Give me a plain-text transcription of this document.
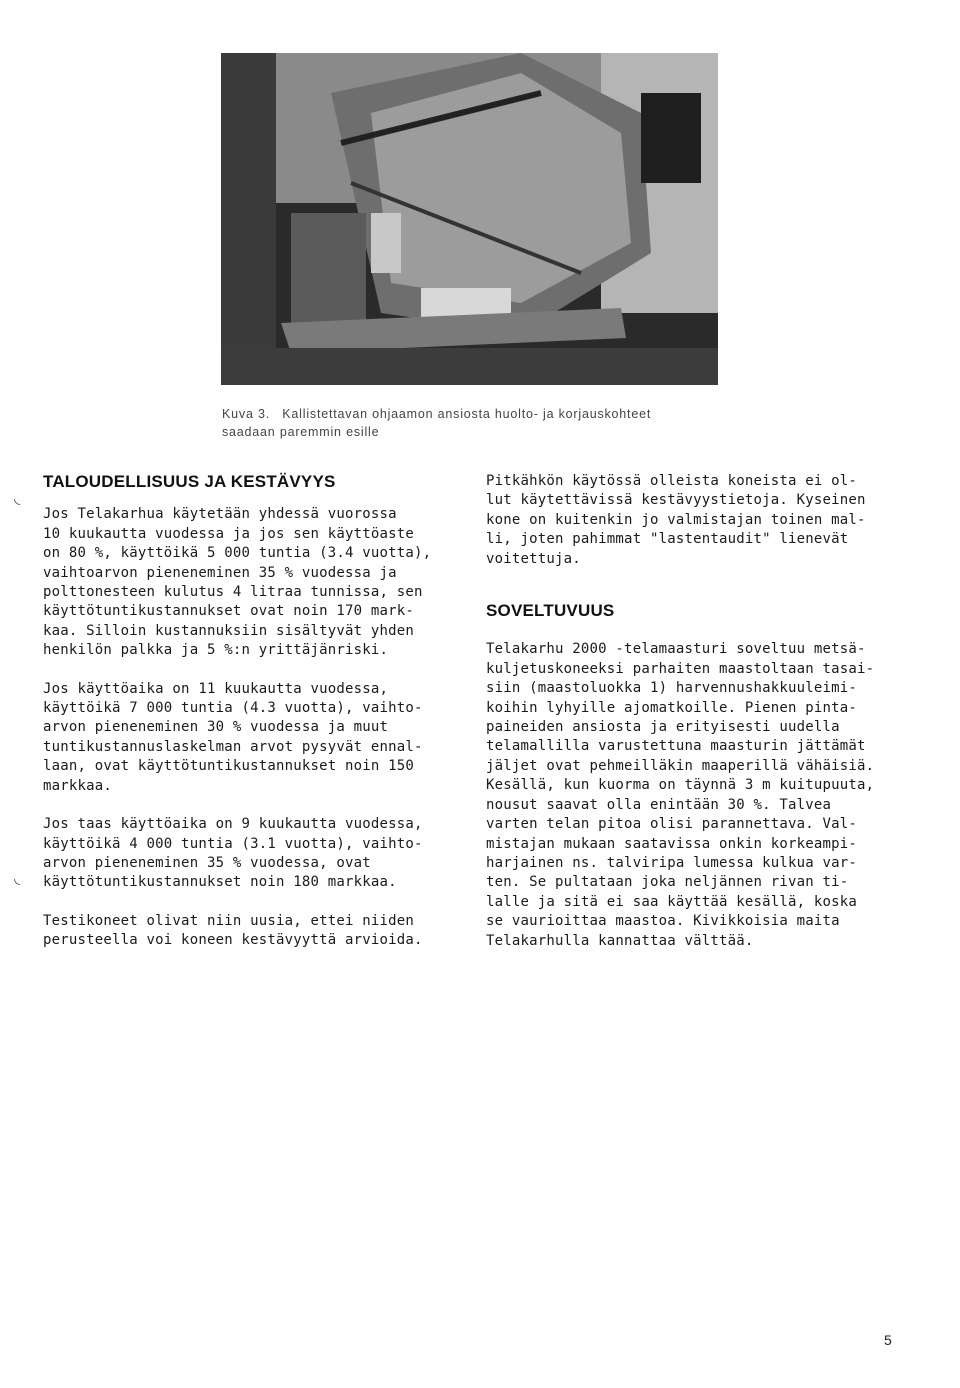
Kuva 3. Kallistettavan ohjaamon ansiosta huolto- ja korjauskohteet
saadaan paremmin esille
◟
◟
TALOUDELLISUUS JA KESTÄVYYS

Jos Telakarhua käytetään yhdessä vuorossa
10 kuukautta vuodessa ja jos sen käyttöaste
on 80 %, käyttöikä 5 000 tuntia (3.4 vuotta),
vaihtoarvon pieneneminen 35 % vuodessa ja
polttonesteen kulutus 4 litraa tunnissa, sen
käyttötuntikustannukset ovat noin 170 mark-
kaa. Silloin kustannuksiin sisältyvät yhden
henkilön palkka ja 5 %:n yrittäjänriski.

Jos käyttöaika on 11 kuukautta vuodessa,
käyttöikä 7 000 tuntia (4.3 vuotta), vaihto-
arvon pieneneminen 30 % vuodessa ja muut
tuntikustannuslaskelman arvot pysyvät ennal-
laan, ovat käyttötuntikustannukset noin 150
markkaa.

Jos taas käyttöaika on 9 kuukautta vuodessa,
käyttöikä 4 000 tuntia (3.1 vuotta), vaihto-
arvon pieneneminen 35 % vuodessa, ovat
käyttötuntikustannukset noin 180 markkaa.

Testikoneet olivat niin uusia, ettei niiden
perusteella voi koneen kestävyyttä arvioida.

Pitkähkön käytössä olleista koneista ei ol-
lut käytettävissä kestävyystietoja. Kyseinen
kone on kuitenkin jo valmistajan toinen mal-
li, joten pahimmat "lastentaudit" lienevät
voitettuja.

SOVELTUVUUS

Telakarhu 2000 -telamaasturi soveltuu metsä-
kuljetuskoneeksi parhaiten maastoltaan tasai-
siin (maastoluokka 1) harvennushakkuuleimi-
koihin lyhyille ajomatkoille. Pienen pinta-
paineiden ansiosta ja erityisesti uudella
telamallilla varustettuna maasturin jättämät
jäljet ovat pehmeilläkin maaperillä vähäisiä.
Kesällä, kun kuorma on täynnä 3 m kuitupuuta,
nousut saavat olla enintään 30 %. Talvea
varten telan pitoa olisi parannettava. Val-
mistajan mukaan saatavissa onkin korkeampi-
harjainen ns. talviripa lumessa kulkua var-
ten. Se pultataan joka neljännen rivan ti-
lalle ja sitä ei saa käyttää kesällä, koska
se vaurioittaa maastoa. Kivikkoisia maita
Telakarhulla kannattaa välttää.

5
